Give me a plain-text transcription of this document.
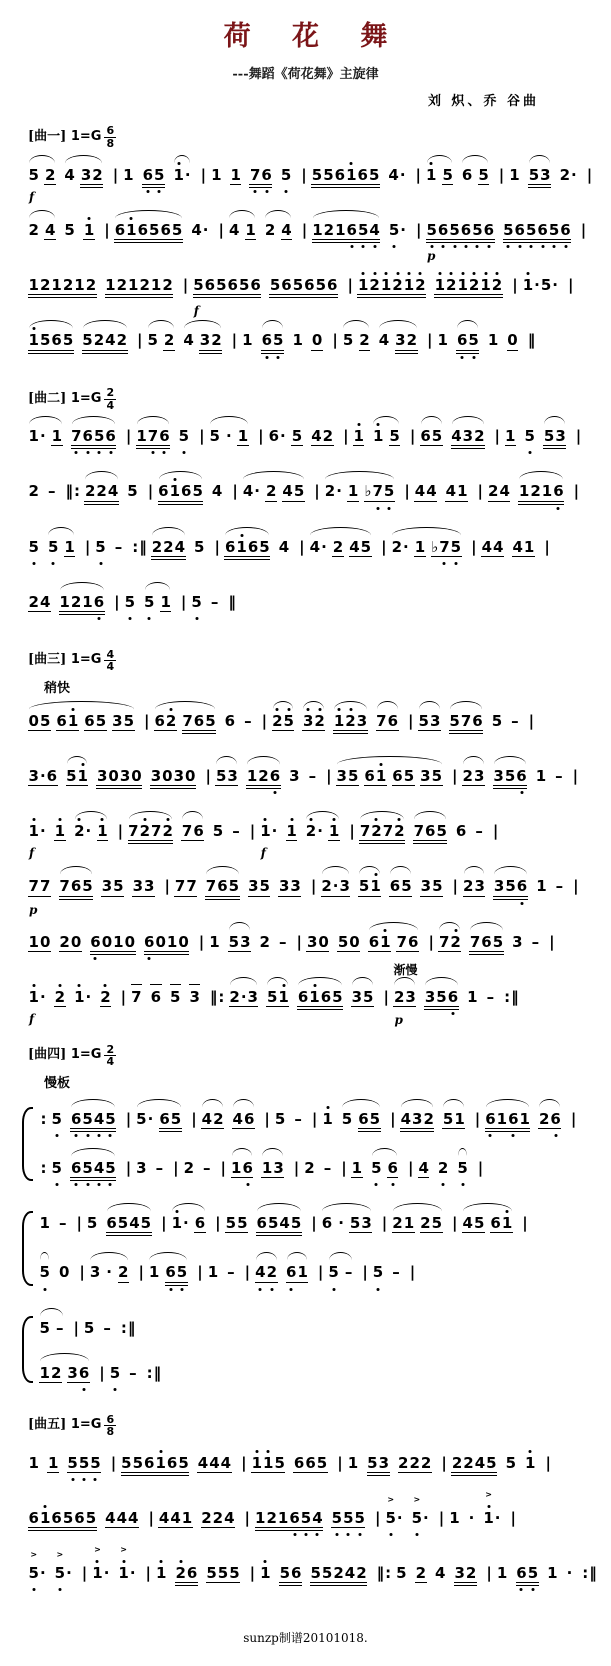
荷 花 舞
---舞蹈《荷花舞》主旋律
刘 炽、乔 谷曲
[曲一] $1=G \frac{6}{8}$
5
f
2 4 32 | 1 6
5 1
· | 1 1 7
6 5 | 5561
65 4· | 1 5 6 5 | 1 53 2· |
2 4 5 1 | 61
6565 4· | 4 1 2 4 | 1216
5
4 5
· | 5
6
5
6
5
6
p
5
6
5
6
5
6 |
121212 121212 | 565656
f
565656 | 1
2
1
2
1
2 1
2
1
2
1
2 | 1
·5· |
1
565 5242 | 5 2 4 32 | 1 6
5 1 0 | 5 2 4 32 | 1 6
5 1 0 ‖
[曲二] $1=G \frac{2}{4}$
1· 1 7
6
5
6 | 17
6 5 | 5 · 1 | 6· 5 42 | 1 1 5 | 65 432 | 1 5 53 |
2 – ‖: 224 5 | 61
65 4 | 4· 2 45 | 2· 1 ♭7
5 | 44 41 | 24 1216 |
5 5 1 | 5 – :‖ 224 5 | 61
65 4 | 4· 2 45 | 2· 1 ♭7
5 | 44 41 |
24 1216 | 5 5 1 | 5 – ‖
[曲三] $1=G \frac{4}{4}$
稍快
05 61 65 35 | 62 765 6 – | 2
5 3
2 1
2
3 76 | 53 576 5 – |
3·6 51 3030 3030 | 53 126 3 – | 35 61 65 35 | 23 356 1 – |
1
·
f
1 2
· 1 | 72
72 76 5 – | 1
·
f
1 2
· 1 | 72
72 765 6 – |
77
p
765 35 33 | 77 765 35 33 | 2·3 51 65 35 | 23 356 1 – |
10 20 6
010 6
010 | 1 53 2 – | 30 50 61 76 | 72 765 3 – |
1
·
f
2 1
· 2 | 7 6 5 3 ‖: 2·3 51 61
65 35 |
渐慢
23
p
356 1 – :‖
[曲四] $1=G \frac{2}{4}$
慢板
: 5 6
5
4
5 | 5· 65 | 42 46 | 5 – | 1 5 65 | 432 51 | 6
16
1 26 |
: 5 6
5
4
5 | 3 – | 2 – | 16 13 | 2 – | 1 5 6 | 4 2 5 |
1 – | 5 6545 | 1
· 6 | 55 6545 | 6 · 53 | 21 25 | 45 61 |
5 0 | 3 · 2 | 1 6
5 | 1 – | 4
2 6
1 | 5 – | 5 – |
5 – | 5 – :‖
12 36 | 5 – :‖
[曲五] $1=G \frac{6}{8}$
1 1 5
5
5 | 5561
65 444 | 1
1
5 665 | 1 53 222 | 2245 5 1 |
61
6565 444 | 441 224 | 1216
5
4 5
5
5 | 5
>
· 5
>
· | 1 · 1
>
· |
5
>
· 5
>
· | 1
>
· 1
>
· | 1 2
6 555 | 1 56 55242 ‖: 5 2 4 32 | 1 6
5 1 · :‖
sunzp制谱20101018.
